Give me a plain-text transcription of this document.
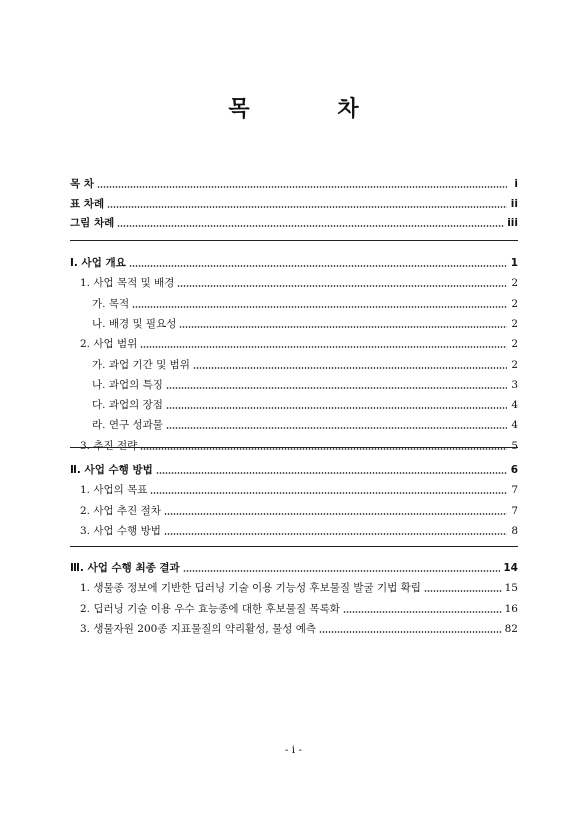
목 차
목 차	i
표 차례	ii
그림 차례	iii
Ⅰ. 사업 개요	1
1. 사업 목적 및 배경	2
가. 목적	2
나. 배경 및 필요성	2
2. 사업 범위	2
가. 과업 기간 및 범위	2
나. 과업의 특징	3
다. 과업의 장점	4
라. 연구 성과물	4
3. 추진 전략	5
Ⅱ. 사업 수행 방법	6
1. 사업의 목표	7
2. 사업 추진 절차	7
3. 사업 수행 방법	8
Ⅲ. 사업 수행 최종 결과	14
1. 생물종 정보에 기반한 딥러닝 기술 이용 기능성 후보물질 발굴 기법 확립	15
2. 딥러닝 기술 이용 우수 효능종에 대한 후보물질 목록화	16
3. 생물자원 200종 지표물질의 약리활성, 물성 예측	82
- i -
